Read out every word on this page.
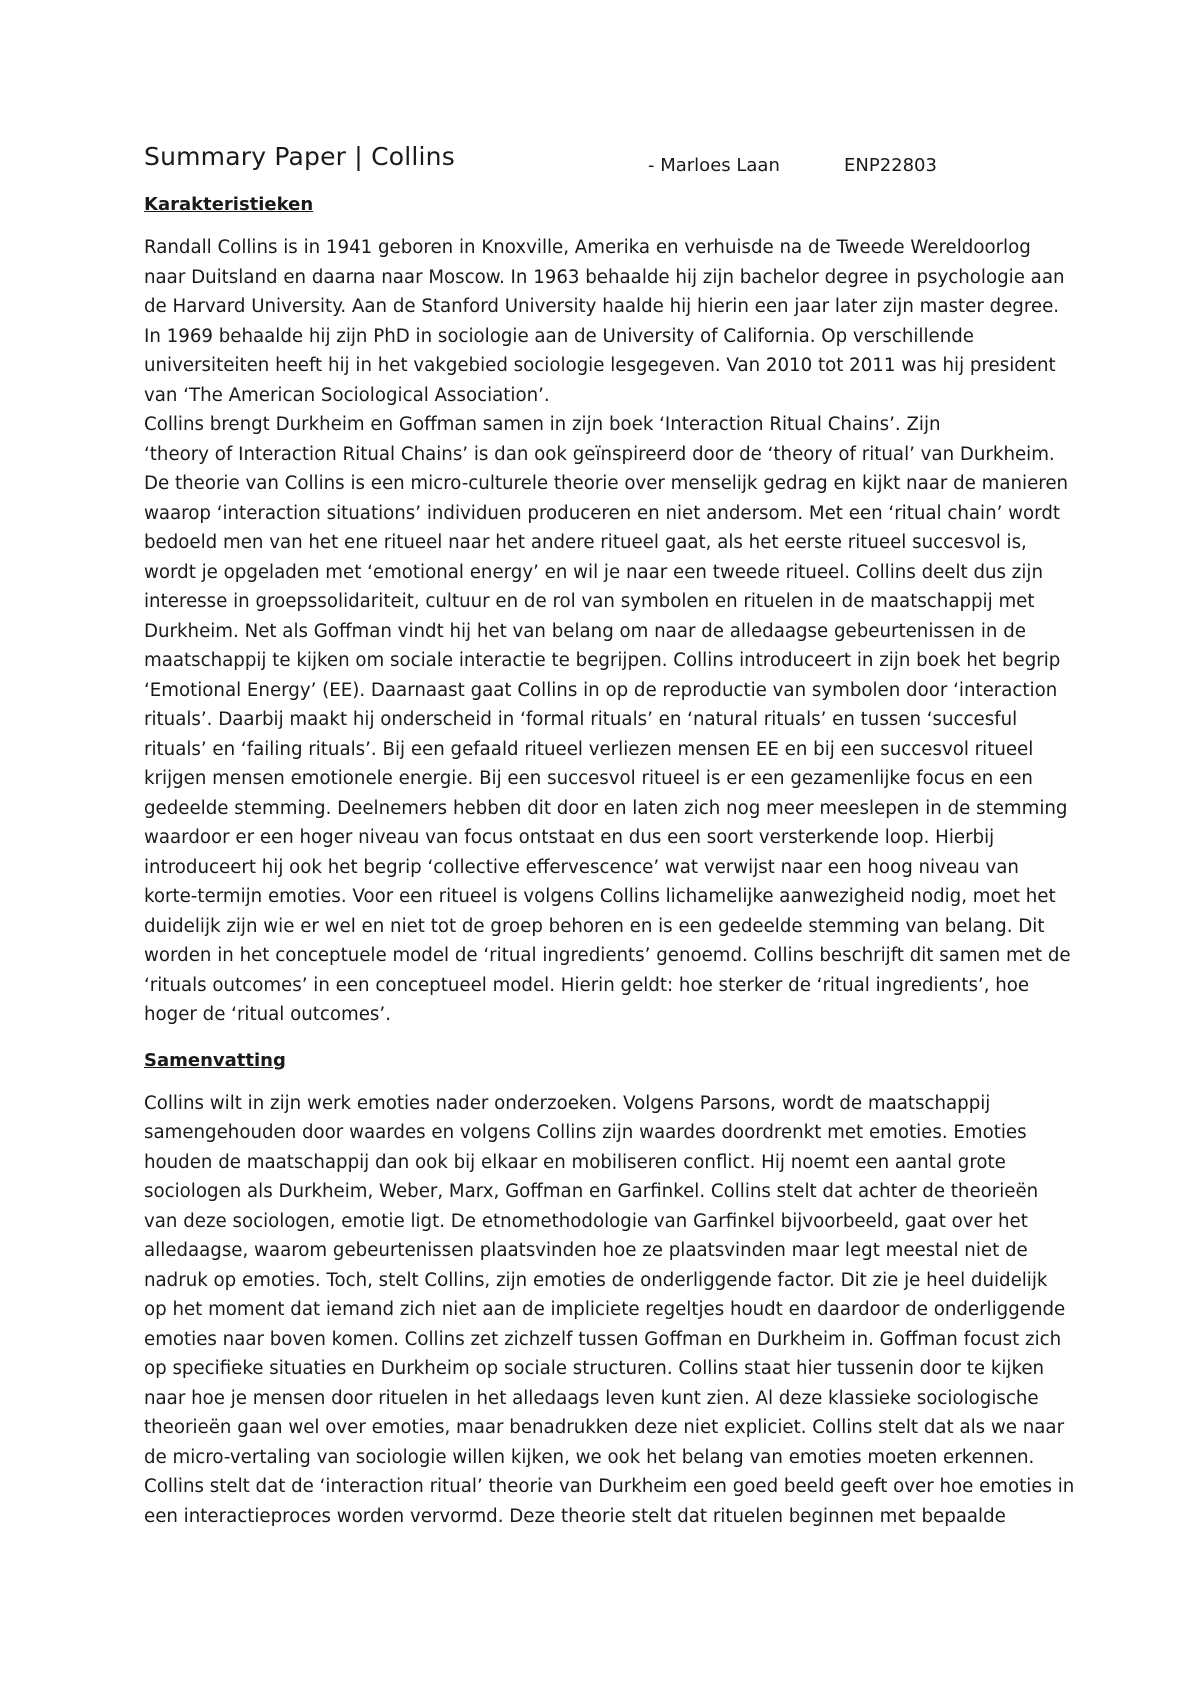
Summary Paper | Collins	- Marloes Laan	ENP22803
Karakteristieken
Randall Collins is in 1941 geboren in Knoxville, Amerika en verhuisde na de Tweede Wereldoorlog
naar Duitsland en daarna naar Moscow. In 1963 behaalde hij zijn bachelor degree in psychologie aan
de Harvard University. Aan de Stanford University haalde hij hierin een jaar later zijn master degree.
In 1969 behaalde hij zijn PhD in sociologie aan de University of California. Op verschillende
universiteiten heeft hij in het vakgebied sociologie lesgegeven. Van 2010 tot 2011 was hij president
van ‘The American Sociological Association’.
Collins brengt Durkheim en Goffman samen in zijn boek ‘Interaction Ritual Chains’. Zijn
‘theory of Interaction Ritual Chains’ is dan ook geïnspireerd door de ‘theory of ritual’ van Durkheim.
De theorie van Collins is een micro-culturele theorie over menselijk gedrag en kijkt naar de manieren
waarop ‘interaction situations’ individuen produceren en niet andersom. Met een ‘ritual chain’ wordt
bedoeld men van het ene ritueel naar het andere ritueel gaat, als het eerste ritueel succesvol is,
wordt je opgeladen met ‘emotional energy’ en wil je naar een tweede ritueel. Collins deelt dus zijn
interesse in groepssolidariteit, cultuur en de rol van symbolen en rituelen in de maatschappij met
Durkheim. Net als Goffman vindt hij het van belang om naar de alledaagse gebeurtenissen in de
maatschappij te kijken om sociale interactie te begrijpen. Collins introduceert in zijn boek het begrip
‘Emotional Energy’ (EE). Daarnaast gaat Collins in op de reproductie van symbolen door ‘interaction
rituals’. Daarbij maakt hij onderscheid in ‘formal rituals’ en ‘natural rituals’ en tussen ‘succesful
rituals’ en ‘failing rituals’. Bij een gefaald ritueel verliezen mensen EE en bij een succesvol ritueel
krijgen mensen emotionele energie. Bij een succesvol ritueel is er een gezamenlijke focus en een
gedeelde stemming. Deelnemers hebben dit door en laten zich nog meer meeslepen in de stemming
waardoor er een hoger niveau van focus ontstaat en dus een soort versterkende loop. Hierbij
introduceert hij ook het begrip ‘collective effervescence’ wat verwijst naar een hoog niveau van
korte-termijn emoties. Voor een ritueel is volgens Collins lichamelijke aanwezigheid nodig, moet het
duidelijk zijn wie er wel en niet tot de groep behoren en is een gedeelde stemming van belang. Dit
worden in het conceptuele model de ‘ritual ingredients’ genoemd. Collins beschrijft dit samen met de
‘rituals outcomes’ in een conceptueel model. Hierin geldt: hoe sterker de ‘ritual ingredients’, hoe
hoger de ‘ritual outcomes’.
Samenvatting
Collins wilt in zijn werk emoties nader onderzoeken. Volgens Parsons, wordt de maatschappij
samengehouden door waardes en volgens Collins zijn waardes doordrenkt met emoties. Emoties
houden de maatschappij dan ook bij elkaar en mobiliseren conflict. Hij noemt een aantal grote
sociologen als Durkheim, Weber, Marx, Goffman en Garfinkel. Collins stelt dat achter de theorieën
van deze sociologen, emotie ligt. De etnomethodologie van Garfinkel bijvoorbeeld, gaat over het
alledaagse, waarom gebeurtenissen plaatsvinden hoe ze plaatsvinden maar legt meestal niet de
nadruk op emoties. Toch, stelt Collins, zijn emoties de onderliggende factor. Dit zie je heel duidelijk
op het moment dat iemand zich niet aan de impliciete regeltjes houdt en daardoor de onderliggende
emoties naar boven komen. Collins zet zichzelf tussen Goffman en Durkheim in. Goffman focust zich
op specifieke situaties en Durkheim op sociale structuren. Collins staat hier tussenin door te kijken
naar hoe je mensen door rituelen in het alledaags leven kunt zien. Al deze klassieke sociologische
theorieën gaan wel over emoties, maar benadrukken deze niet expliciet. Collins stelt dat als we naar
de micro-vertaling van sociologie willen kijken, we ook het belang van emoties moeten erkennen.
Collins stelt dat de ‘interaction ritual’ theorie van Durkheim een goed beeld geeft over hoe emoties in
een interactieproces worden vervormd. Deze theorie stelt dat rituelen beginnen met bepaalde
